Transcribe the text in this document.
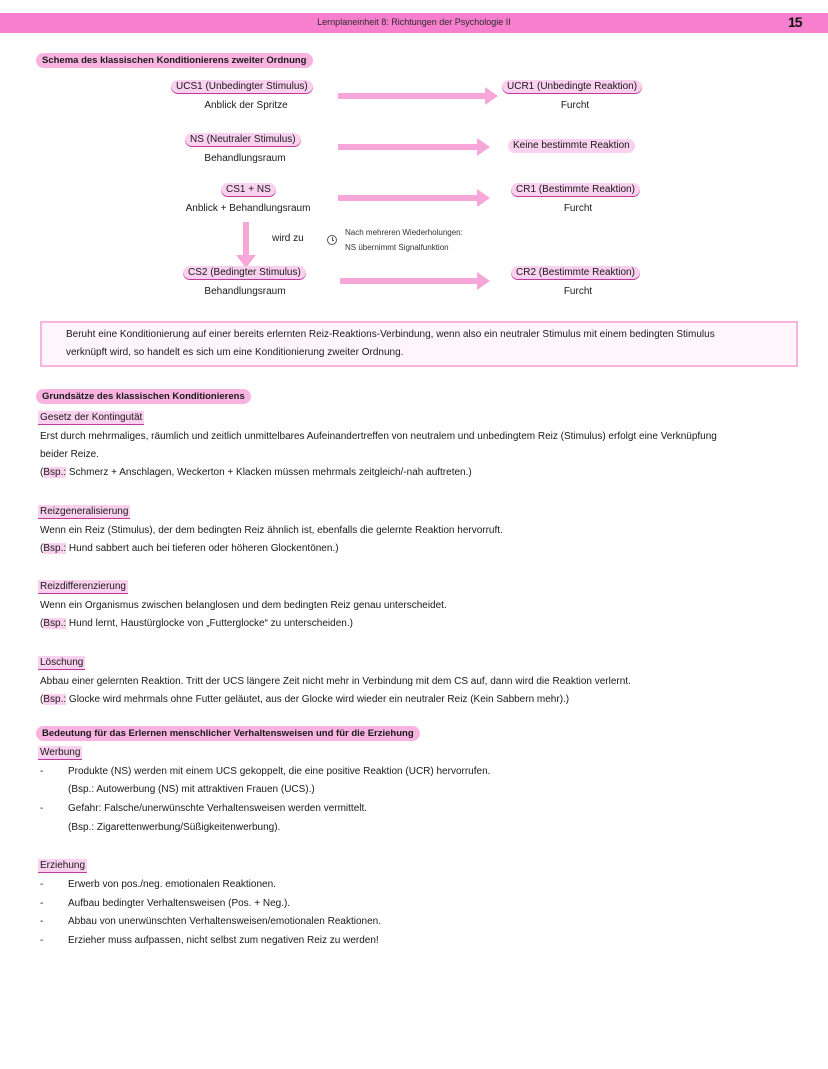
Lernplaneinheit 8: Richtungen der Psychologie II	15
Schema des klassischen Konditionierens zweiter Ordnung
UCS1 (Unbedingter Stimulus)
Anblick der Spritze
UCR1 (Unbedingte Reaktion)
Furcht
NS (Neutraler Stimulus)
Behandlungsraum
Keine bestimmte Reaktion
CS1 + NS
Anblick + Behandlungsraum
CR1 (Bestimmte Reaktion)
Furcht
wird zu
Nach mehreren Wiederholungen:
NS übernimmt Signalfunktion
CS2 (Bedingter Stimulus)
Behandlungsraum
CR2 (Bestimmte Reaktion)
Furcht
Beruht eine Konditionierung auf einer bereits erlernten Reiz-Reaktions-Verbindung, wenn also ein neutraler Stimulus mit einem bedingten Stimulus
verknüpft wird, so handelt es sich um eine Konditionierung zweiter Ordnung.
Grundsätze des klassischen Konditionierens
Gesetz der Kontingutät
Erst durch mehrmaliges, räumlich und zeitlich unmittelbares Aufeinandertreffen von neutralem und unbedingtem Reiz (Stimulus) erfolgt eine Verknüpfung
beider Reize.
(Bsp.: Schmerz + Anschlagen, Weckerton + Klacken müssen mehrmals zeitgleich/-nah auftreten.)
Reizgeneralisierung
Wenn ein Reiz (Stimulus), der dem bedingten Reiz ähnlich ist, ebenfalls die gelernte Reaktion hervorruft.
(Bsp.: Hund sabbert auch bei tieferen oder höheren Glockentönen.)
Reizdifferenzierung
Wenn ein Organismus zwischen belanglosen und dem bedingten Reiz genau unterscheidet.
(Bsp.: Hund lernt, Haustürglocke von „Futterglocke“ zu unterscheiden.)
Löschung
Abbau einer gelernten Reaktion. Tritt der UCS längere Zeit nicht mehr in Verbindung mit dem CS auf, dann wird die Reaktion verlernt.
(Bsp.: Glocke wird mehrmals ohne Futter geläutet, aus der Glocke wird wieder ein neutraler Reiz (Kein Sabbern mehr).)
Bedeutung für das Erlernen menschlicher Verhaltensweisen und für die Erziehung
Werbung
- Produkte (NS) werden mit einem UCS gekoppelt, die eine positive Reaktion (UCR) hervorrufen.
(Bsp.: Autowerbung (NS) mit attraktiven Frauen (UCS).)
- Gefahr: Falsche/unerwünschte Verhaltensweisen werden vermittelt.
(Bsp.: Zigarettenwerbung/Süßigkeitenwerbung).
Erziehung
- Erwerb von pos./neg. emotionalen Reaktionen.
- Aufbau bedingter Verhaltensweisen (Pos. + Neg.).
- Abbau von unerwünschten Verhaltensweisen/emotionalen Reaktionen.
- Erzieher muss aufpassen, nicht selbst zum negativen Reiz zu werden!
